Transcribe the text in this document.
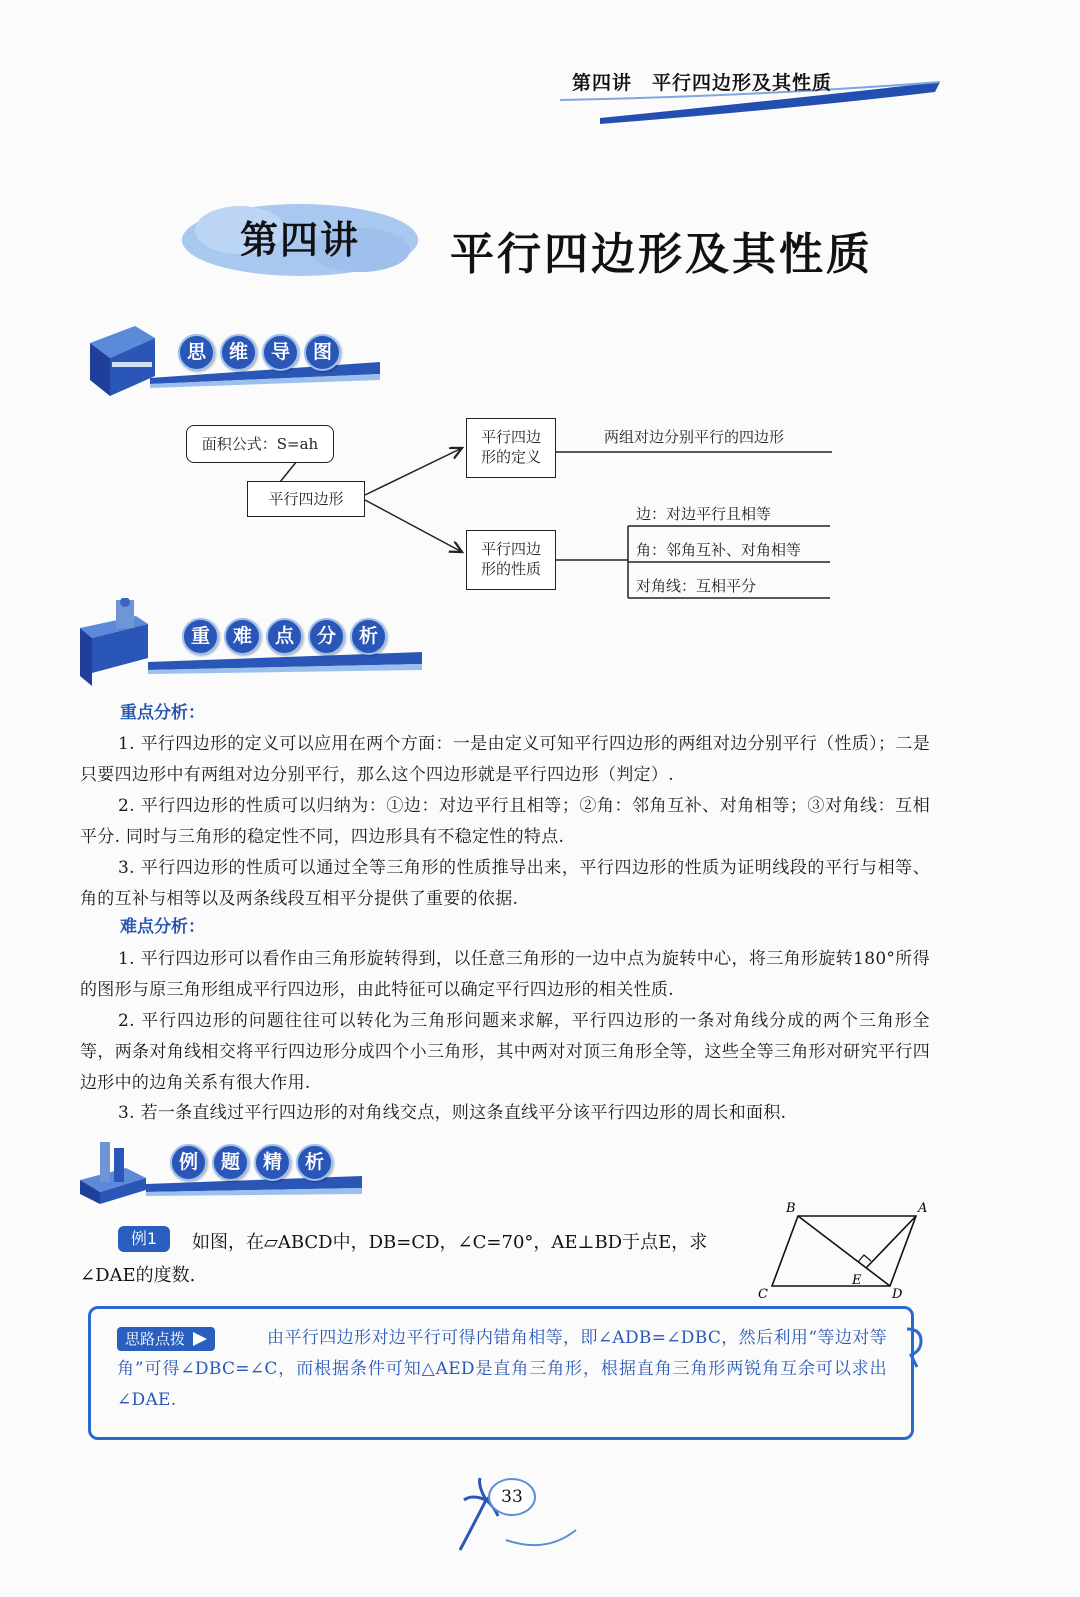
第四讲　平行四边形及其性质
第四讲	平行四边形及其性质
思	维	导	图
面积公式：S=ah
平行四边形
平行四边
形的定义
两组对边分别平行的四边形
平行四边
形的性质
边：对边平行且相等
角：邻角互补、对角相等
对角线：互相平分
重	难	点	分	析
重点分析：
1. 平行四边形的定义可以应用在两个方面：一是由定义可知平行四边形的两组对边分别平行（性质）；二是只要四边形中有两组对边分别平行，那么这个四边形就是平行四边形（判定）.
2. 平行四边形的性质可以归纳为：①边：对边平行且相等；②角：邻角互补、对角相等；③对角线：互相平分. 同时与三角形的稳定性不同，四边形具有不稳定性的特点.
3. 平行四边形的性质可以通过全等三角形的性质推导出来，平行四边形的性质为证明线段的平行与相等、角的互补与相等以及两条线段互相平分提供了重要的依据.
难点分析：
1. 平行四边形可以看作由三角形旋转得到，以任意三角形的一边中点为旋转中心，将三角形旋转180°所得的图形与原三角形组成平行四边形，由此特征可以确定平行四边形的相关性质.
2. 平行四边形的问题往往可以转化为三角形问题来求解，平行四边形的一条对角线分成的两个三角形全等，两条对角线相交将平行四边形分成四个小三角形，其中两对对顶三角形全等，这些全等三角形对研究平行四边形中的边角关系有很大作用.
3. 若一条直线过平行四边形的对角线交点，则这条直线平分该平行四边形的周长和面积.
例	题	精	析
如图，在▱ABCD中，DB=CD，∠C=70°，AE⊥BD于点E，求∠DAE的度数.
例1
B	A
C	D
E
由平行四边形对边平行可得内错角相等，即∠ADB=∠DBC，然后利用“等边对等角”可得∠DBC=∠C，而根据条件可知△AED是直角三角形，根据直角三角形两锐角互余可以求出∠DAE.
思路点拨
33
